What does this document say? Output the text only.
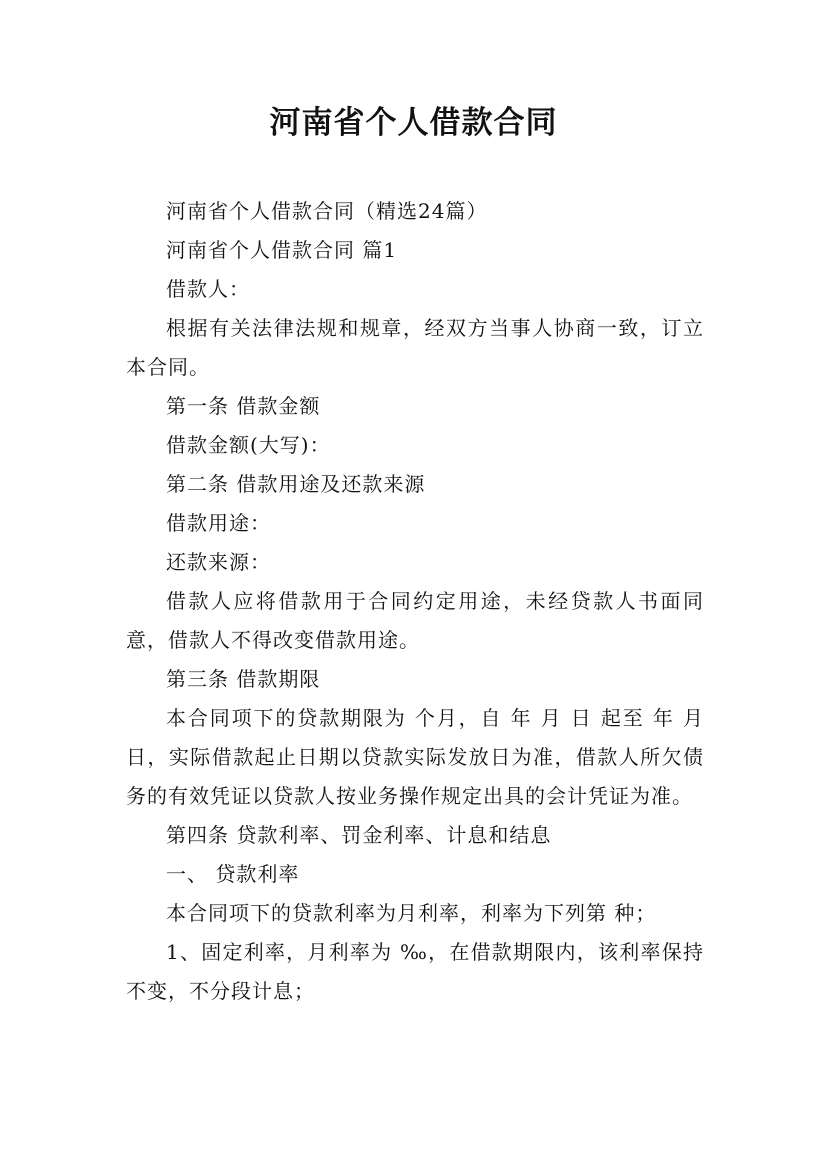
河南省个人借款合同

河南省个人借款合同（精选24篇）

河南省个人借款合同 篇1

借款人：

根据有关法律法规和规章，经双方当事人协商一致，订立本合同。

第一条 借款金额

借款金额(大写)：

第二条 借款用途及还款来源

借款用途：

还款来源：

借款人应将借款用于合同约定用途，未经贷款人书面同意，借款人不得改变借款用途。

第三条 借款期限

本合同项下的贷款期限为 个月，自 年 月 日 起至 年 月 日，实际借款起止日期以贷款实际发放日为准，借款人所欠债务的有效凭证以贷款人按业务操作规定出具的会计凭证为准。

第四条 贷款利率、罚金利率、计息和结息

一、 贷款利率

本合同项下的贷款利率为月利率，利率为下列第 种；

1、固定利率，月利率为 ‰，在借款期限内，该利率保持不变，不分段计息；
